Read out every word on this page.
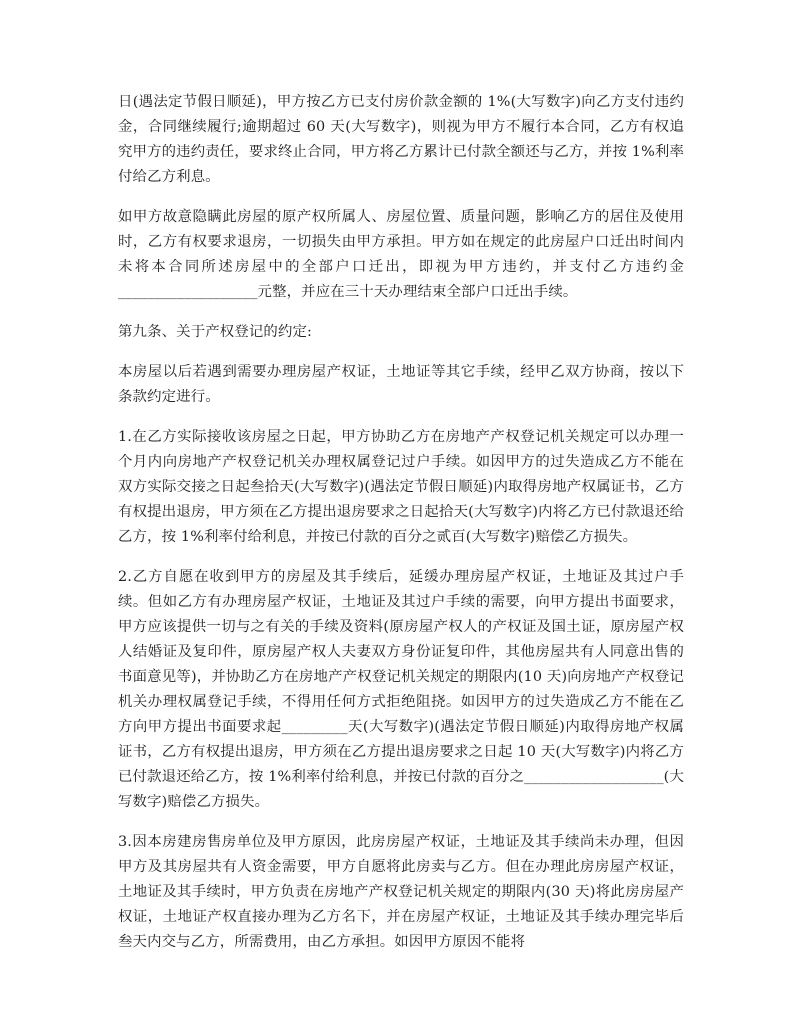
日(遇法定节假日顺延)，甲方按乙方已支付房价款金额的 1%(大写数字)向乙方支付违约金，合同继续履行;逾期超过 60 天(大写数字)，则视为甲方不履行本合同，乙方有权追究甲方的违约责任，要求终止合同，甲方将乙方累计已付款全额还与乙方，并按 1%利率付给乙方利息。

如甲方故意隐瞒此房屋的原产权所属人、房屋位置、质量问题，影响乙方的居住及使用时，乙方有权要求退房，一切损失由甲方承担。甲方如在规定的此房屋户口迁出时间内未将本合同所述房屋中的全部户口迁出，即视为甲方违约，并支付乙方违约金___________________元整，并应在三十天办理结束全部户口迁出手续。

第九条、关于产权登记的约定:

本房屋以后若遇到需要办理房屋产权证，土地证等其它手续，经甲乙双方协商，按以下条款约定进行。

1.在乙方实际接收该房屋之日起，甲方协助乙方在房地产产权登记机关规定可以办理一个月内向房地产产权登记机关办理权属登记过户手续。如因甲方的过失造成乙方不能在双方实际交接之日起叁拾天(大写数字)(遇法定节假日顺延)内取得房地产权属证书，乙方有权提出退房，甲方须在乙方提出退房要求之日起拾天(大写数字)内将乙方已付款退还给乙方，按 1%利率付给利息，并按已付款的百分之贰百(大写数字)赔偿乙方损失。

2.乙方自愿在收到甲方的房屋及其手续后，延缓办理房屋产权证，土地证及其过户手续。但如乙方有办理房屋产权证，土地证及其过户手续的需要，向甲方提出书面要求，甲方应该提供一切与之有关的手续及资料(原房屋产权人的产权证及国土证，原房屋产权人结婚证及复印件，原房屋产权人夫妻双方身份证复印件，其他房屋共有人同意出售的书面意见等)，并协助乙方在房地产产权登记机关规定的期限内(10 天)向房地产产权登记机关办理权属登记手续，不得用任何方式拒绝阻挠。如因甲方的过失造成乙方不能在乙方向甲方提出书面要求起_________天(大写数字)(遇法定节假日顺延)内取得房地产权属证书，乙方有权提出退房，甲方须在乙方提出退房要求之日起 10 天(大写数字)内将乙方已付款退还给乙方，按 1%利率付给利息，并按已付款的百分之___________________(大写数字)赔偿乙方损失。

3.因本房建房售房单位及甲方原因，此房房屋产权证，土地证及其手续尚未办理，但因甲方及其房屋共有人资金需要，甲方自愿将此房卖与乙方。但在办理此房房屋产权证，土地证及其手续时，甲方负责在房地产产权登记机关规定的期限内(30 天)将此房房屋产权证，土地证产权直接办理为乙方名下，并在房屋产权证，土地证及其手续办理完毕后叁天内交与乙方，所需费用，由乙方承担。如因甲方原因不能将
